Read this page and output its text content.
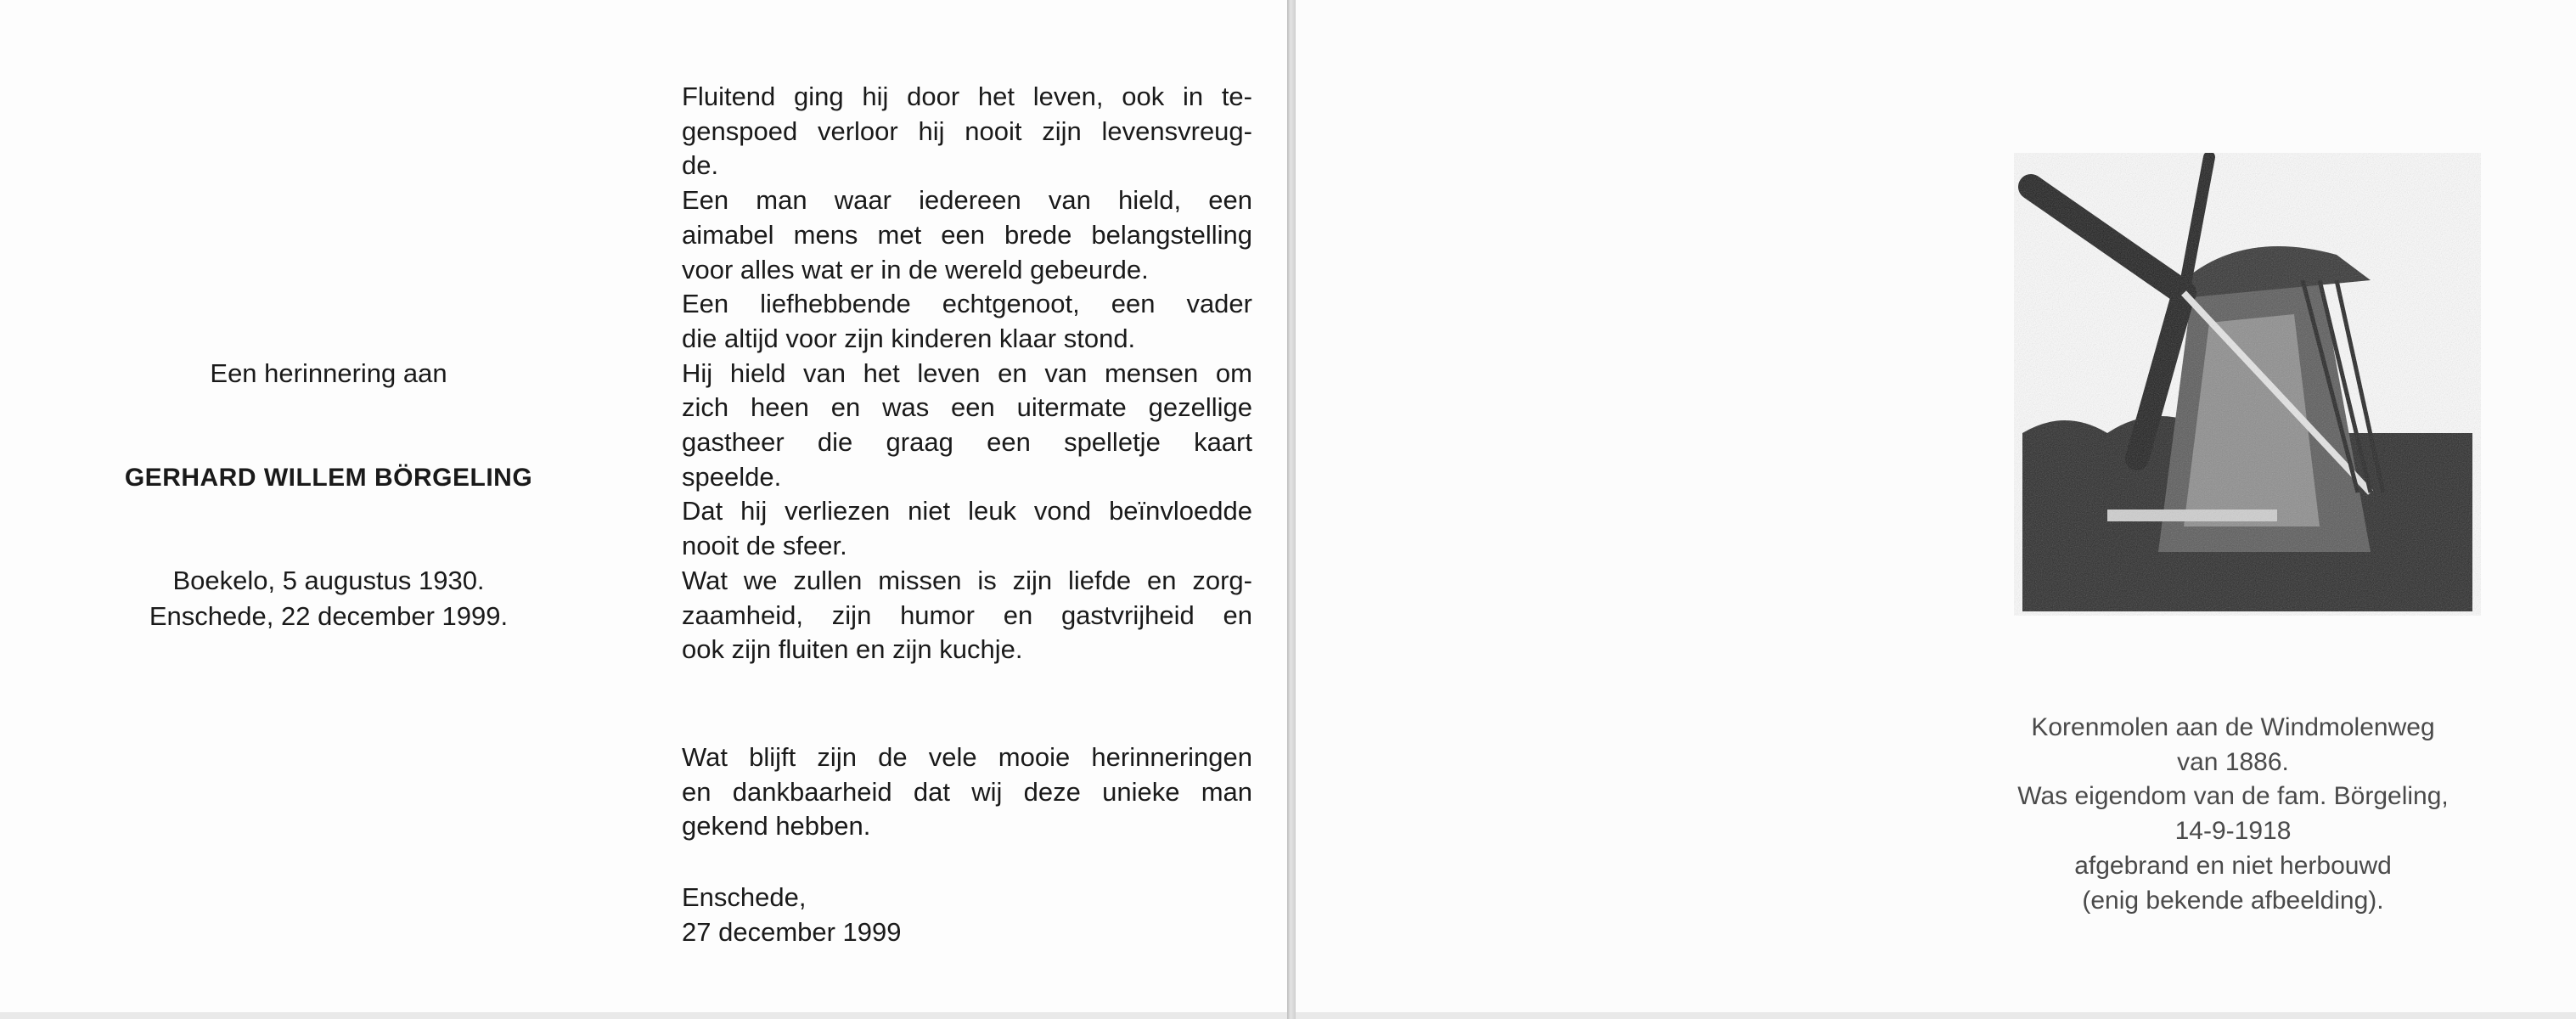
Een herinnering aan
GERHARD WILLEM BÖRGELING
Boekelo, 5 augustus 1930.
Enschede, 22 december 1999.
Fluitend ging hij door het leven, ook in te-
genspoed verloor hij nooit zijn levensvreug-
de.
Een man waar iedereen van hield, een
aimabel mens met een brede belangstelling
voor alles wat er in de wereld gebeurde.
Een liefhebbende echtgenoot, een vader
die altijd voor zijn kinderen klaar stond.
Hij hield van het leven en van mensen om
zich heen en was een uitermate gezellige
gastheer die graag een spelletje kaart
speelde.
Dat hij verliezen niet leuk vond beïnvloedde
nooit de sfeer.
Wat we zullen missen is zijn liefde en zorg-
zaamheid, zijn humor en gastvrijheid en
ook zijn fluiten en zijn kuchje.
Wat blijft zijn de vele mooie herinneringen
en dankbaarheid dat wij deze unieke man
gekend hebben.
Enschede,
27 december 1999
Korenmolen aan de Windmolenweg
van 1886.
Was eigendom van de fam. Börgeling,
14-9-1918
afgebrand en niet herbouwd
(enig bekende afbeelding).
